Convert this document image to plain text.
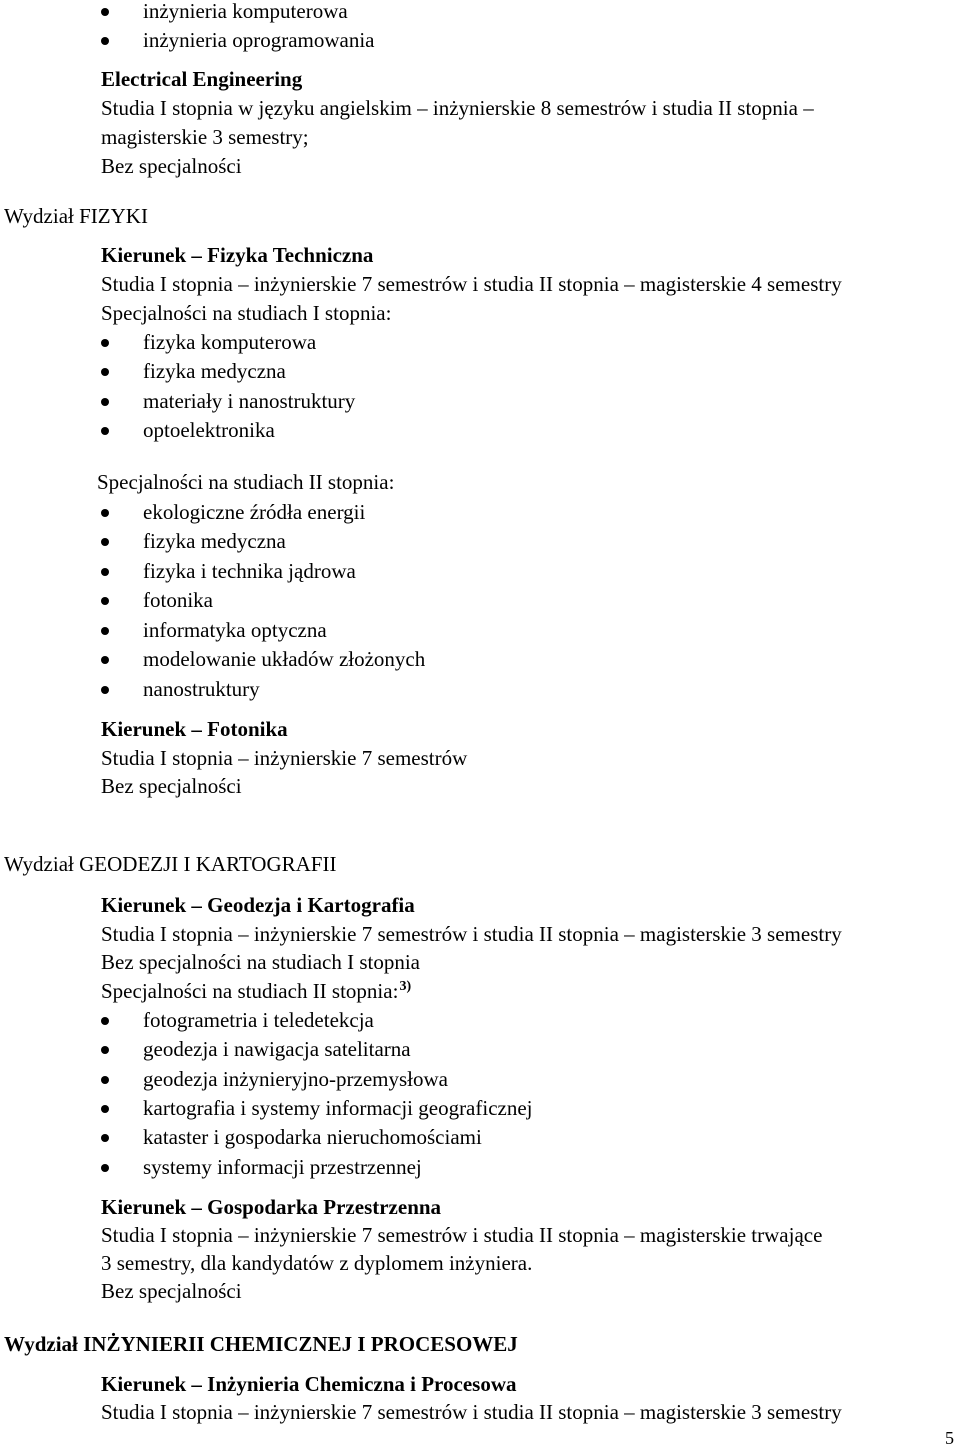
inżynieria komputerowa
inżynieria oprogramowania
Electrical Engineering
Studia I stopnia w języku angielskim – inżynierskie 8 semestrów i studia II stopnia –
magisterskie 3 semestry;
Bez specjalności
Wydział FIZYKI
Kierunek – Fizyka Techniczna
Studia I stopnia – inżynierskie 7 semestrów i studia II stopnia – magisterskie 4 semestry
Specjalności na studiach I stopnia:
fizyka komputerowa
fizyka medyczna
materiały i nanostruktury
optoelektronika
Specjalności na studiach II stopnia:
ekologiczne źródła energii
fizyka medyczna
fizyka i technika jądrowa
fotonika
informatyka optyczna
modelowanie układów złożonych
nanostruktury
Kierunek – Fotonika
Studia I stopnia – inżynierskie 7 semestrów
Bez specjalności
Wydział GEODEZJI I KARTOGRAFII
Kierunek – Geodezja i Kartografia
Studia I stopnia – inżynierskie 7 semestrów i studia II stopnia – magisterskie 3 semestry
Bez specjalności na studiach I stopnia
Specjalności na studiach II stopnia:$^{3)}$
fotogrametria i teledetekcja
geodezja i nawigacja satelitarna
geodezja inżynieryjno-przemysłowa
kartografia i systemy informacji geograficznej
kataster i gospodarka nieruchomościami
systemy informacji przestrzennej
Kierunek – Gospodarka Przestrzenna
Studia I stopnia – inżynierskie 7 semestrów i studia II stopnia – magisterskie trwające
3 semestry, dla kandydatów z dyplomem inżyniera.
Bez specjalności
Wydział INŻYNIERII CHEMICZNEJ I PROCESOWEJ
Kierunek – Inżynieria Chemiczna i Procesowa
Studia I stopnia – inżynierskie 7 semestrów i studia II stopnia – magisterskie 3 semestry
5
